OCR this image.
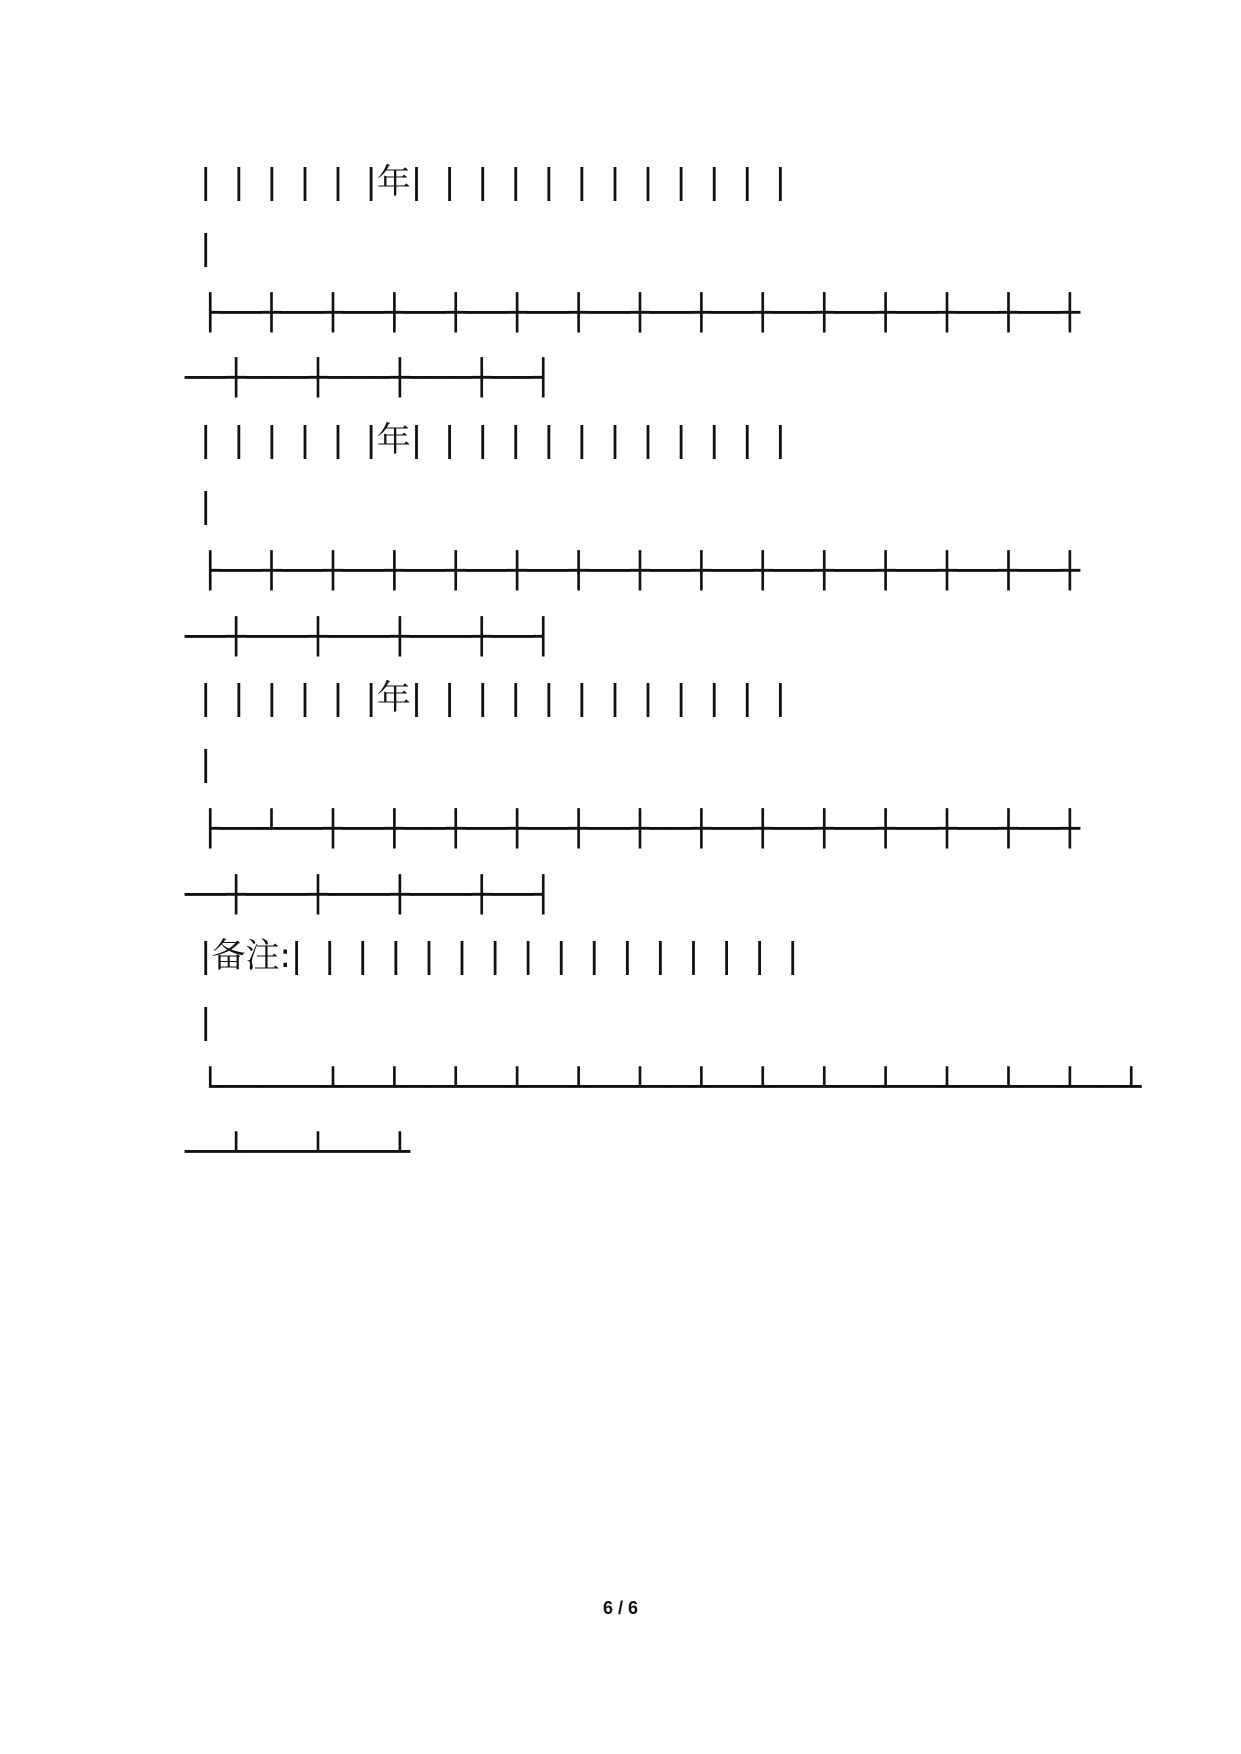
|  |  |  |  |  |年|  |  |  |  |  |  |  |  |  |  |  |
|
├──┼──┼──┼──┼──┼──┼──┼──┼──┼──┼──┼──┼──┼──┼
──┼───┼───┼───┼──┤
|  |  |  |  |  |年|  |  |  |  |  |  |  |  |  |  |  |
|
├──┼──┼──┼──┼──┼──┼──┼──┼──┼──┼──┼──┼──┼──┼
──┼───┼───┼───┼──┤
|  |  |  |  |  |年|  |  |  |  |  |  |  |  |  |  |  |
|
├──┴──┼──┼──┼──┼──┼──┼──┼──┼──┼──┼──┼──┼──┼
──┼───┼───┼───┼──┤
|备注:|  |  |  |  |  |  |  |  |  |  |  |  |  |  |  |
|
└─────┴──┴──┴──┴──┴──┴──┴──┴──┴──┴──┴──┴──┴──┴
──┴───┴───┴
6 / 6
